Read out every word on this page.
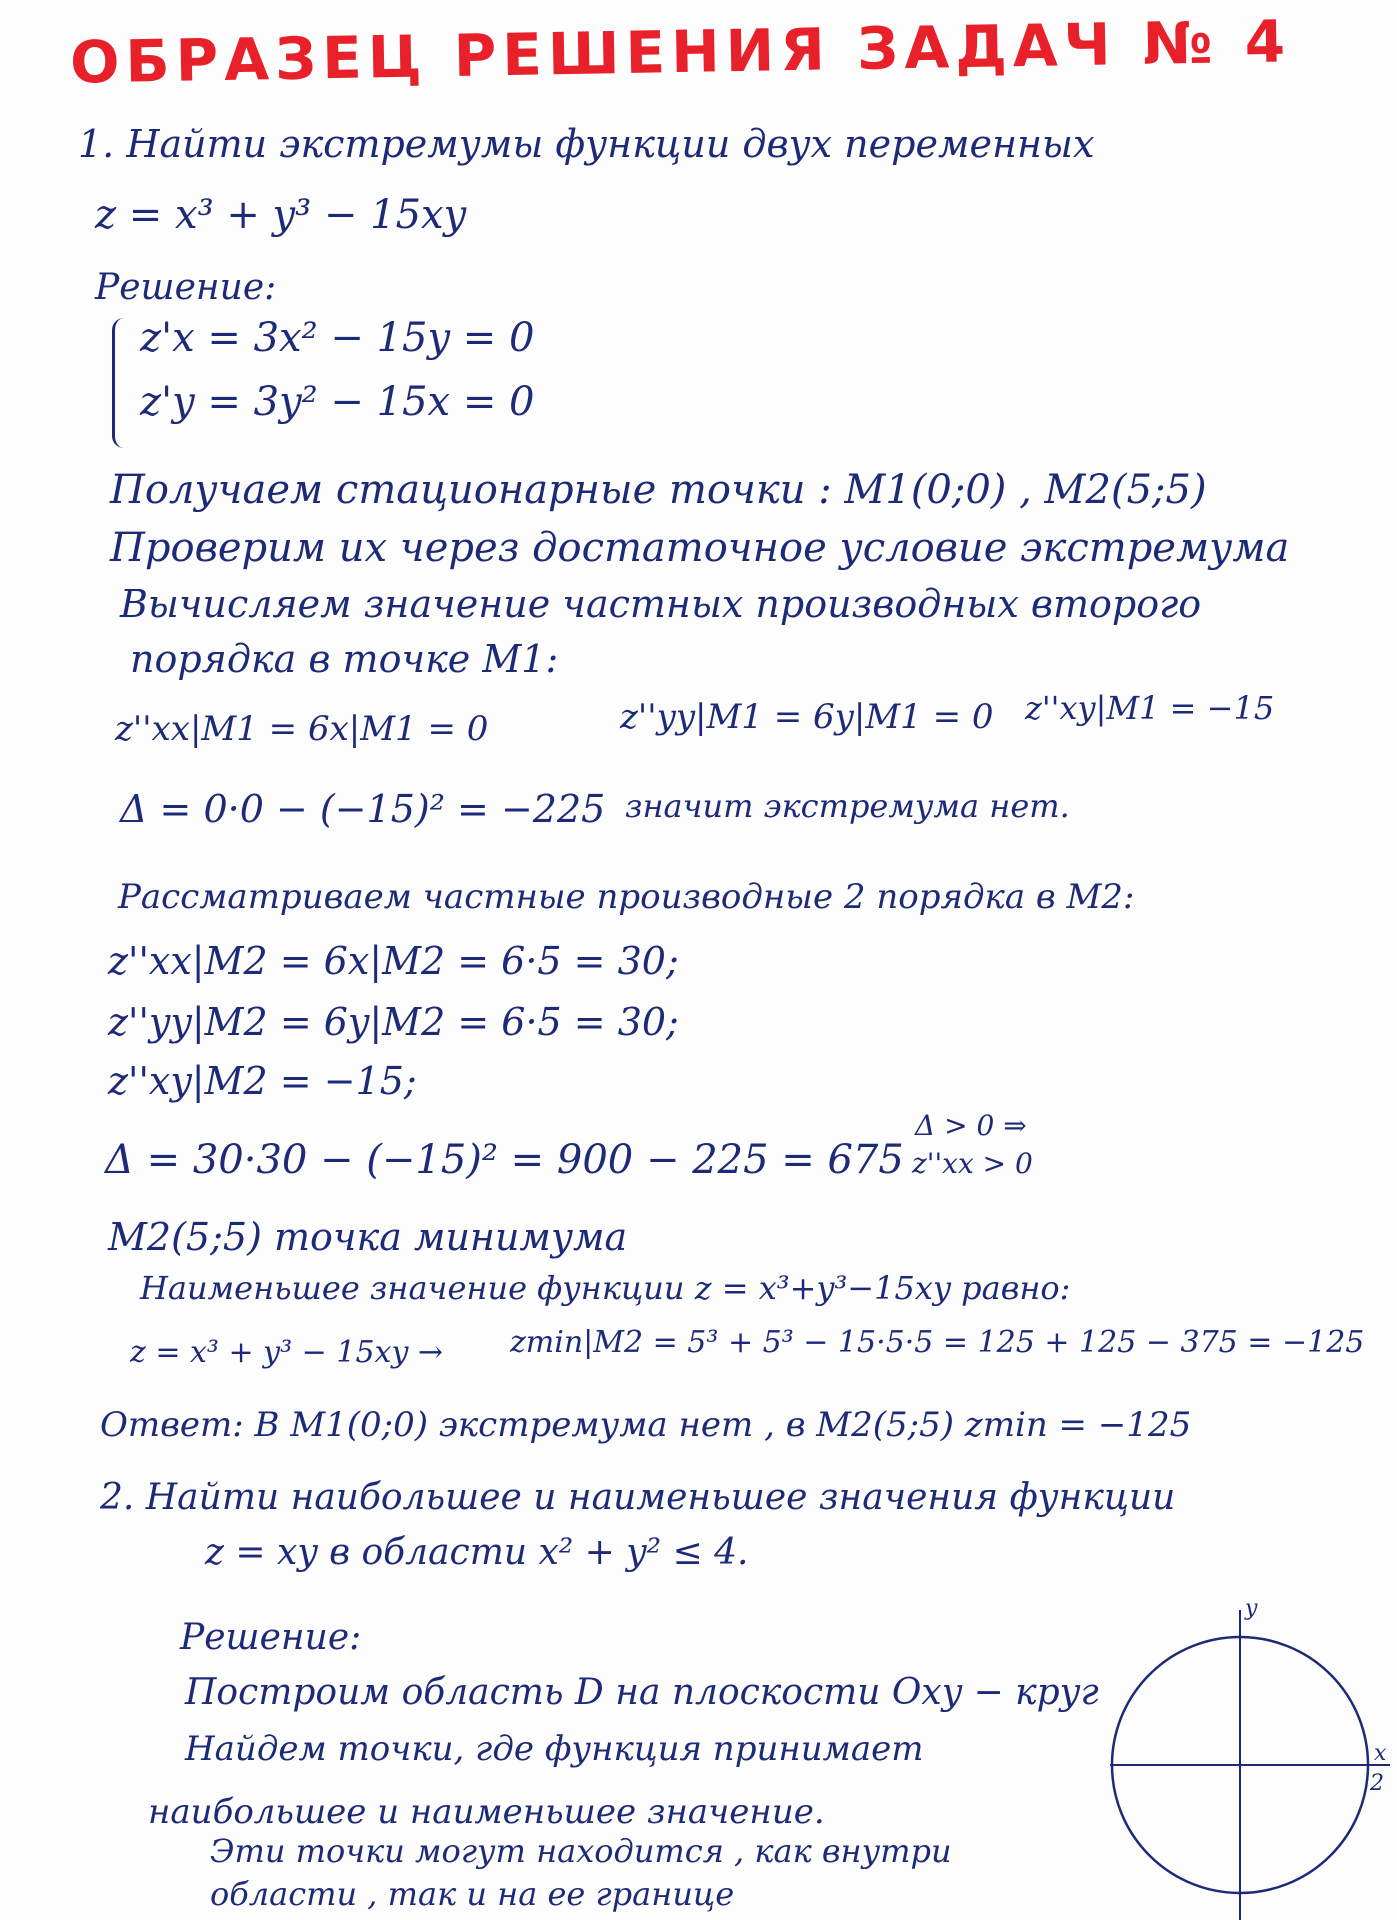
ОБРАЗЕЦ РЕШЕНИЯ ЗАДАЧ № 4
1. Найти экстремумы функции двух переменных
z = x³ + y³ − 15xy
Решение:
z'x = 3x² − 15y = 0
z'y = 3y² − 15x = 0
Получаем стационарные точки : M1(0;0) , M2(5;5)
Проверим их через достаточное условие экстремума
Вычисляем значение частных производных второго
порядка в точке M1:
z''xx|M1 = 6x|M1 = 0	z''yy|M1 = 6y|M1 = 0 z''xy|M1 = −15
Δ = 0·0 − (−15)² = −225 значит экстремума нет.
Рассматриваем частные производные 2 порядка в M2:
z''xx|M2 = 6x|M2 = 6·5 = 30;
z''yy|M2 = 6y|M2 = 6·5 = 30;
z''xy|M2 = −15;
Δ = 30·30 − (−15)² = 900 − 225 = 675
Δ > 0 ⇒
z''xx > 0
M2(5;5) точка минимума
Наименьшее значение функции z = x³+y³−15xy равно:
z = x³ + y³ − 15xy → zmin|M2 = 5³ + 5³ − 15·5·5 = 125 + 125 − 375 = −125
Ответ: В M1(0;0) экстремума нет , в M2(5;5) zmin = −125
2. Найти наибольшее и наименьшее значения функции
z = xy в области x² + y² ≤ 4.
Решение:
Построим область D на плоскости Oxy − круг
Найдем точки, где функция принимает
наибольшее и наименьшее значение.
Эти точки могут находится , как внутри
области , так и на ее границе
y
x
2
